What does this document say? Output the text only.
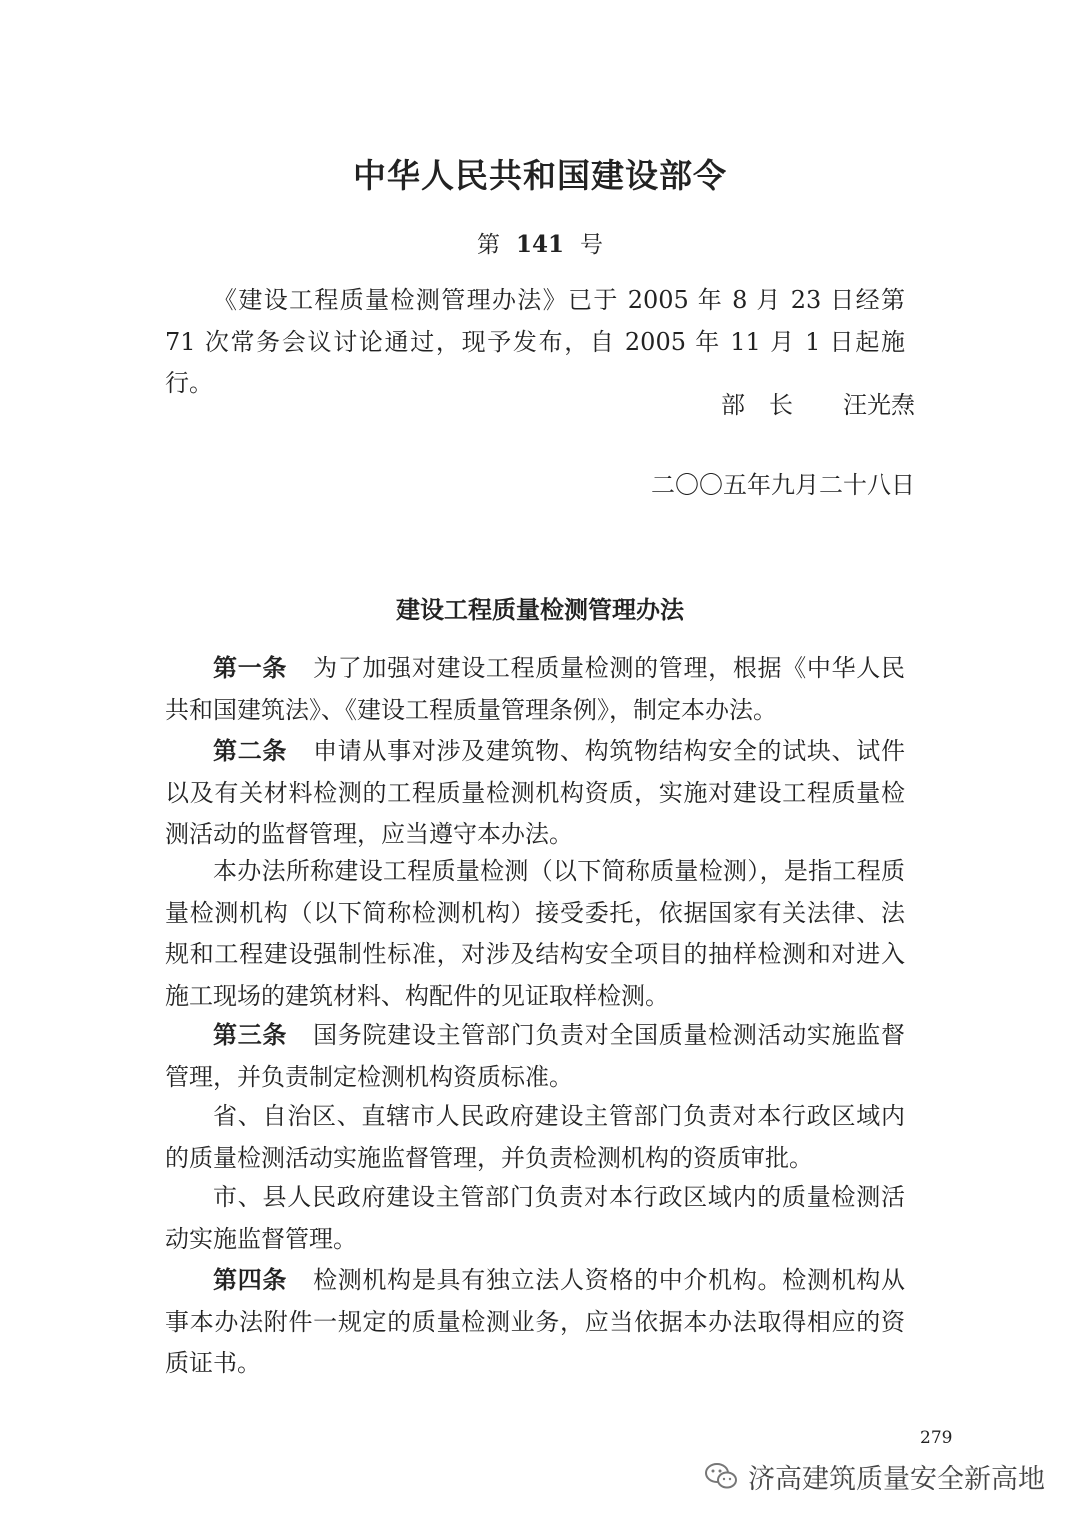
中华人民共和国建设部令
第 141 号

《建设工程质量检测管理办法》已于 2005 年 8 月 23 日经第 71 次常务会议讨论通过，现予发布，自 2005 年 11 月 1 日起施行。

部长 汪光焘
二〇〇五年九月二十八日
建设工程质量检测管理办法

第一条 为了加强对建设工程质量检测的管理，根据《中华人民共和国建筑法》、《建设工程质量管理条例》，制定本办法。

第二条 申请从事对涉及建筑物、构筑物结构安全的试块、试件以及有关材料检测的工程质量检测机构资质，实施对建设工程质量检测活动的监督管理，应当遵守本办法。

本办法所称建设工程质量检测（以下简称质量检测），是指工程质量检测机构（以下简称检测机构）接受委托，依据国家有关法律、法规和工程建设强制性标准，对涉及结构安全项目的抽样检测和对进入施工现场的建筑材料、构配件的见证取样检测。

第三条 国务院建设主管部门负责对全国质量检测活动实施监督管理，并负责制定检测机构资质标准。

省、自治区、直辖市人民政府建设主管部门负责对本行政区域内的质量检测活动实施监督管理，并负责检测机构的资质审批。

市、县人民政府建设主管部门负责对本行政区域内的质量检测活动实施监督管理。

第四条 检测机构是具有独立法人资格的中介机构。检测机构从事本办法附件一规定的质量检测业务，应当依据本办法取得相应的资质证书。

279
济高建筑质量安全新高地
